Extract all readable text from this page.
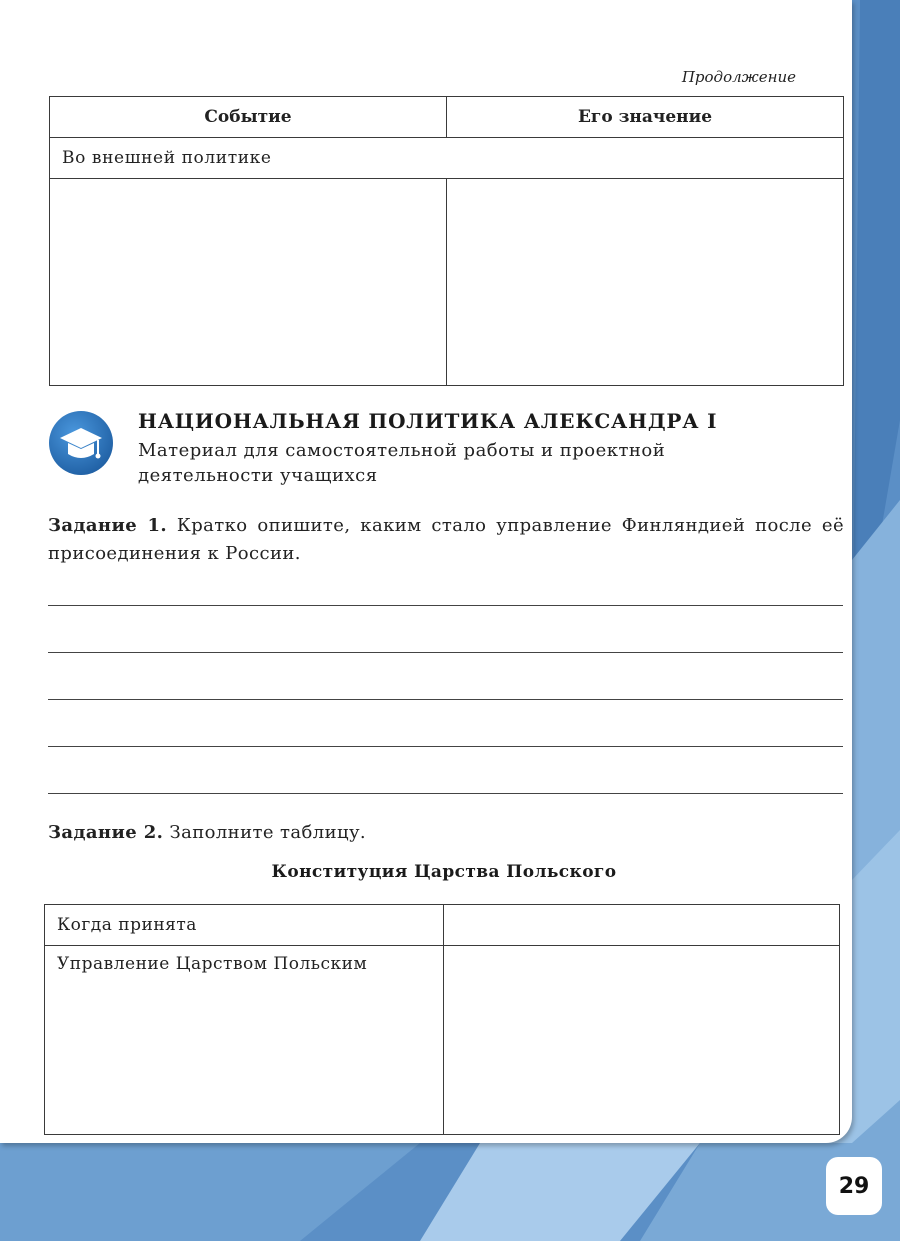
Продолжение
Событие	Его значение
Во внешней политике	

НАЦИОНАЛЬНАЯ ПОЛИТИКА АЛЕКСАНДРА I
Материал для самостоятельной работы и проектной деятельности учащихся
Задание 1. Кратко опишите, каким стало управление Финляндией после её присоединения к России.
Задание 2. Заполните таблицу.
Конституция Царства Польского
Когда принята	
Управление Царством Польским	
29
